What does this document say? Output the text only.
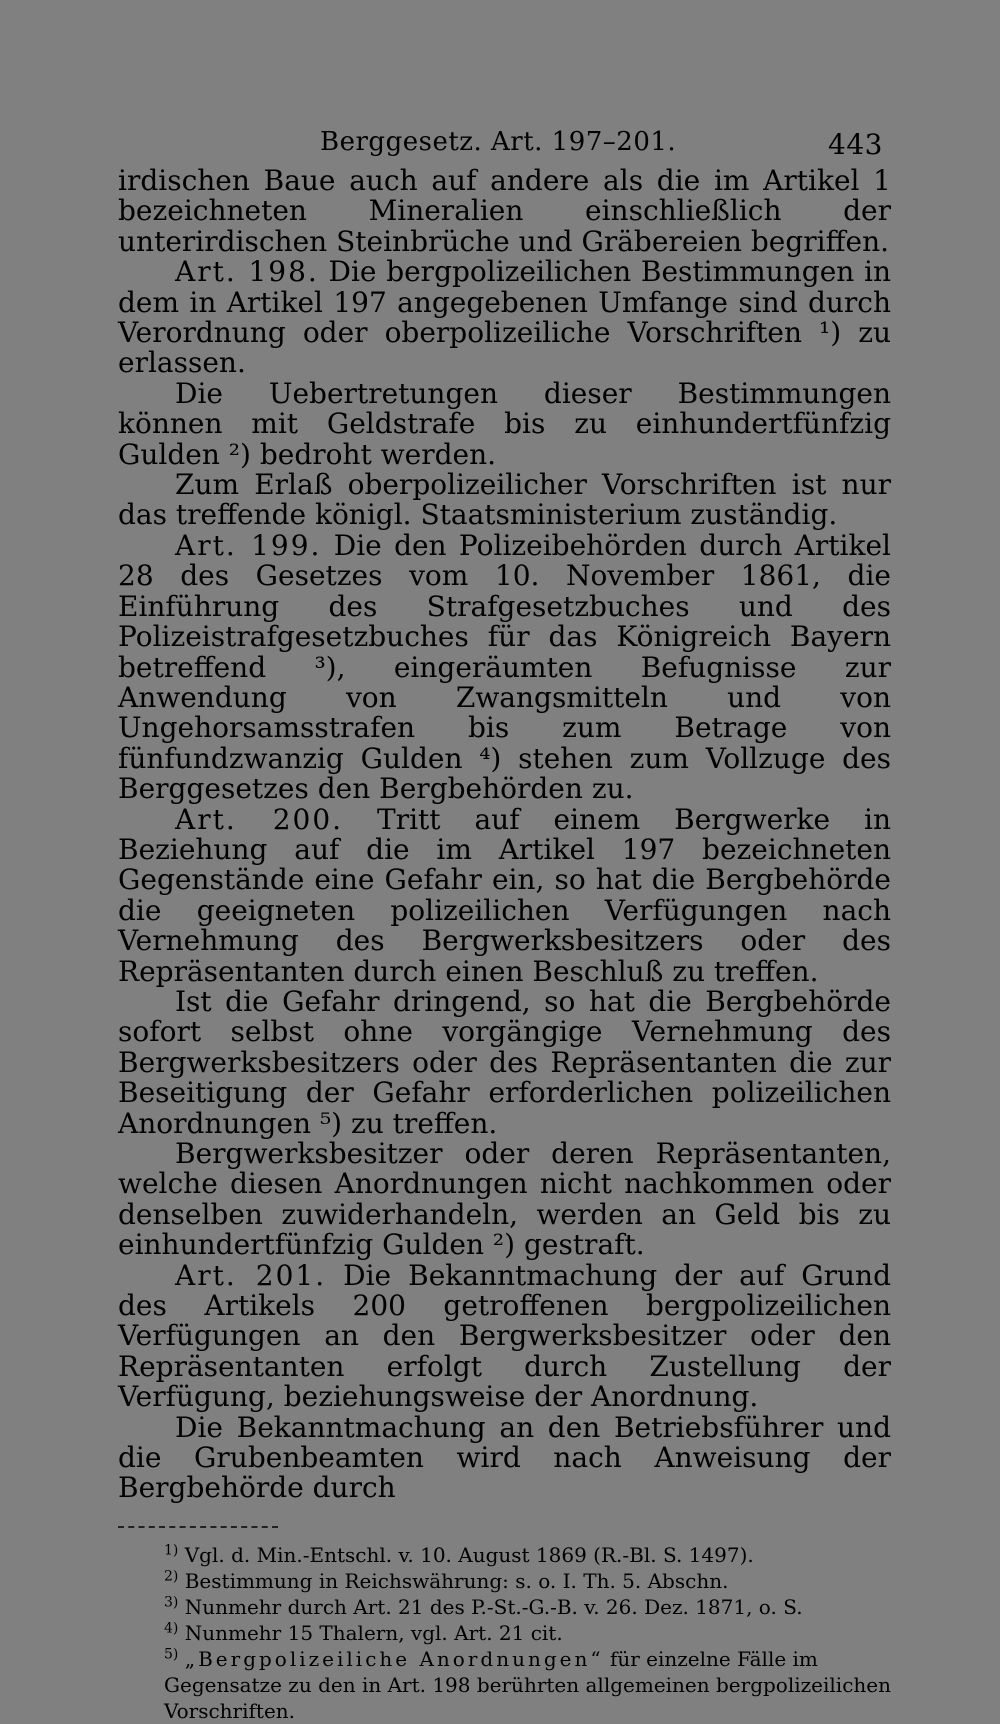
Berggesetz. Art. 197–201.	443

irdischen Baue auch auf andere als die im Artikel 1 bezeichneten Mineralien einschließlich der unterirdischen Steinbrüche und Gräbereien begriffen.

Art. 198. Die bergpolizeilichen Bestimmungen in dem in Artikel 197 angegebenen Umfange sind durch Verordnung oder oberpolizeiliche Vorschriften ¹) zu erlassen.

Die Uebertretungen dieser Bestimmungen können mit Geldstrafe bis zu einhundertfünfzig Gulden ²) bedroht werden.

Zum Erlaß oberpolizeilicher Vorschriften ist nur das treffende königl. Staatsministerium zuständig.

Art. 199. Die den Polizeibehörden durch Artikel 28 des Gesetzes vom 10. November 1861, die Einführung des Strafgesetzbuches und des Polizeistrafgesetzbuches für das Königreich Bayern betreffend ³), eingeräumten Befugnisse zur Anwendung von Zwangsmitteln und von Ungehorsamsstrafen bis zum Betrage von fünfundzwanzig Gulden ⁴) stehen zum Vollzuge des Berggesetzes den Bergbehörden zu.

Art. 200. Tritt auf einem Bergwerke in Beziehung auf die im Artikel 197 bezeichneten Gegenstände eine Gefahr ein, so hat die Bergbehörde die geeigneten polizeilichen Verfügungen nach Vernehmung des Bergwerksbesitzers oder des Repräsentanten durch einen Beschluß zu treffen.

Ist die Gefahr dringend, so hat die Bergbehörde sofort selbst ohne vorgängige Vernehmung des Bergwerksbesitzers oder des Repräsentanten die zur Beseitigung der Gefahr erforderlichen polizeilichen Anordnungen ⁵) zu treffen.

Bergwerksbesitzer oder deren Repräsentanten, welche diesen Anordnungen nicht nachkommen oder denselben zuwiderhandeln, werden an Geld bis zu einhundertfünfzig Gulden ²) gestraft.

Art. 201. Die Bekanntmachung der auf Grund des Artikels 200 getroffenen bergpolizeilichen Verfügungen an den Bergwerksbesitzer oder den Repräsentanten erfolgt durch Zustellung der Verfügung, beziehungsweise der Anordnung.

Die Bekanntmachung an den Betriebsführer und die Grubenbeamten wird nach Anweisung der Bergbehörde durch

$^{1)}$ Vgl. d. Min.-Entschl. v. 10. August 1869 (R.-Bl. S. 1497).

$^{2)}$ Bestimmung in Reichswährung: s. o. I. Th. 5. Abschn.

$^{3)}$ Nunmehr durch Art. 21 des P.-St.-G.-B. v. 26. Dez. 1871, o. S.

$^{4)}$ Nunmehr 15 Thalern, vgl. Art. 21 cit.

$^{5)}$ „Bergpolizeiliche Anordnungen“ für einzelne Fälle im Gegensatze zu den in Art. 198 berührten allgemeinen bergpolizeilichen Vorschriften.
